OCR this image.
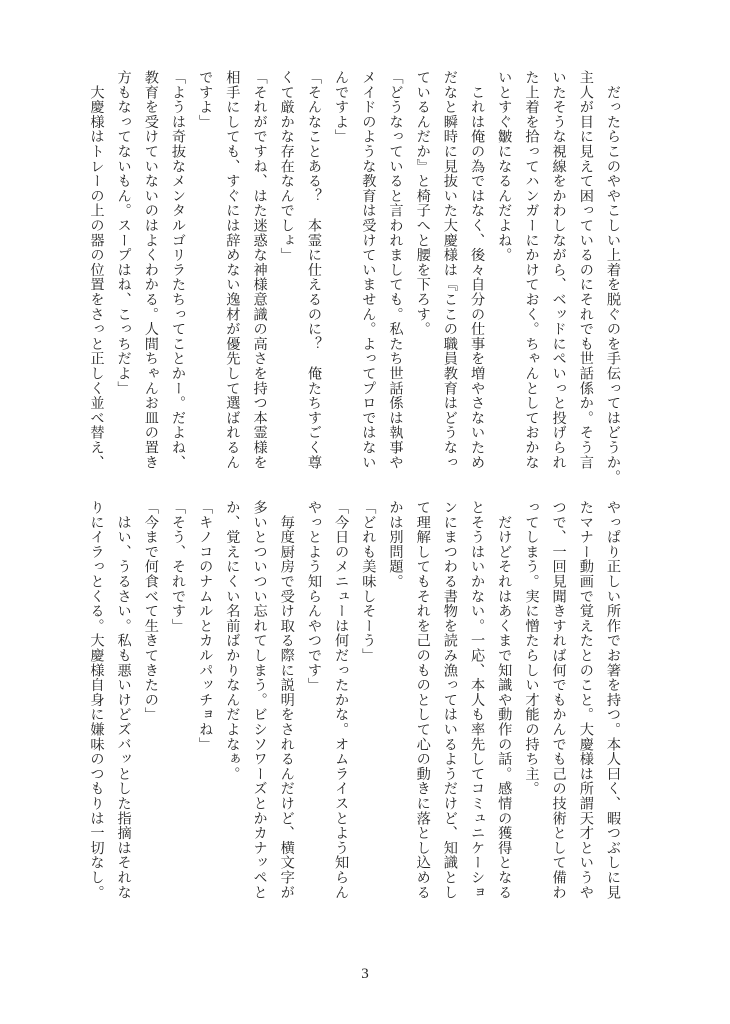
　だったらこのややこしい上着を脱ぐのを手伝ってはどうか。
主人が目に見えて困っているのにそれでも世話係か。そう言
いたそうな視線をかわしながら、ベッドにぺいっと投げられ
た上着を拾ってハンガーにかけておく。ちゃんとしておかな
いとすぐ皺になるんだよね。
　これは俺の為ではなく、後々自分の仕事を増やさないため
だなと瞬時に見抜いた大慶様は『ここの職員教育はどうなっ
ているんだか』と椅子へと腰を下ろす。
「どうなっていると言われましても。私たち世話係は執事や
メイドのような教育は受けていません。よってプロではない
んですよ」
「そんなことある？　本霊に仕えるのに？　俺たちすごく尊
くて厳かな存在なんでしょ」
「それがですね、はた迷惑な神様意識の高さを持つ本霊様を
相手にしても、すぐには辞めない逸材が優先して選ばれるん
ですよ」
「ようは奇抜なメンタルゴリラたちってことかー。だよね、
教育を受けていないのはよくわかる。人間ちゃんお皿の置き
方もなってないもん。スープはね、こっちだよ」
　大慶様はトレーの上の器の位置をさっと正しく並べ替え、
やっぱり正しい所作でお箸を持つ。本人曰く、暇つぶしに見
たマナー動画で覚えたとのこと。大慶様は所謂天才というや
つで、一回見聞きすれば何でもかんでも己の技術として備わ
ってしまう。実に憎たらしい才能の持ち主。
　だけどそれはあくまで知識や動作の話。感情の獲得となる
とそうはいかない。一応、本人も率先してコミュニケーショ
ンにまつわる書物を読み漁ってはいるようだけど、知識とし
て理解してもそれを己のものとして心の動きに落とし込める
かは別問題。
「どれも美味しそーう」
「今日のメニューは何だったかな。オムライスとよう知らん
やっとよう知らんやつです」
　毎度厨房で受け取る際に説明をされるんだけど、横文字が
多いとついつい忘れてしまう。ビシソワーズとかカナッペと
か、覚えにくい名前ばかりなんだよなぁ。
「キノコのナムルとカルパッチョね」
「そう、それです」
「今まで何食べて生きてきたの」
　はい、うるさい。私も悪いけどズバッとした指摘はそれな
りにイラっとくる。大慶様自身に嫌味のつもりは一切なし。
3
